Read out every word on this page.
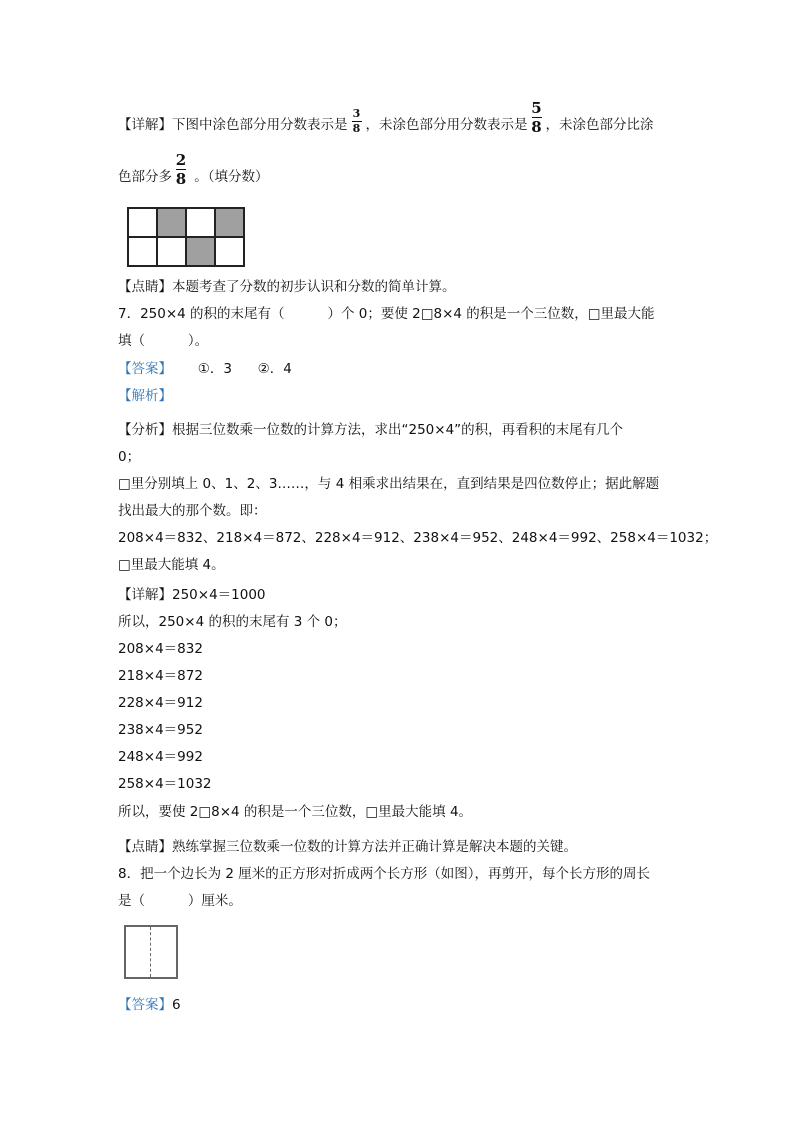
【详解】下图中涂色部分用分数表示是 $\frac{3}{8}$ ，未涂色部分用分数表示是 $\frac{5}{8}$ ，未涂色部分比涂
色部分多 $\frac{2}{8}$ 。（填分数）
【点睛】本题考查了分数的初步认识和分数的简单计算。
7．250×4 的积的末尾有（          ）个 0；要使 2□8×4 的积是一个三位数，□里最大能
填（          ）。
【答案】      ①．3      ②．4
【解析】
【分析】根据三位数乘一位数的计算方法，求出“250×4”的积，再看积的末尾有几个
0；
□里分别填上 0、1、2、3……，与 4 相乘求出结果在，直到结果是四位数停止；据此解题
找出最大的那个数。即：
208×4＝832、218×4＝872、228×4＝912、238×4＝952、248×4＝992、258×4＝1032；
□里最大能填 4。
【详解】250×4＝1000
所以，250×4 的积的末尾有 3 个 0；
208×4＝832
218×4＝872
228×4＝912
238×4＝952
248×4＝992
258×4＝1032
所以，要使 2□8×4 的积是一个三位数，□里最大能填 4。
【点睛】熟练掌握三位数乘一位数的计算方法并正确计算是解决本题的关键。
8．把一个边长为 2 厘米的正方形对折成两个长方形（如图），再剪开，每个长方形的周长
是（          ）厘米。
【答案】6
